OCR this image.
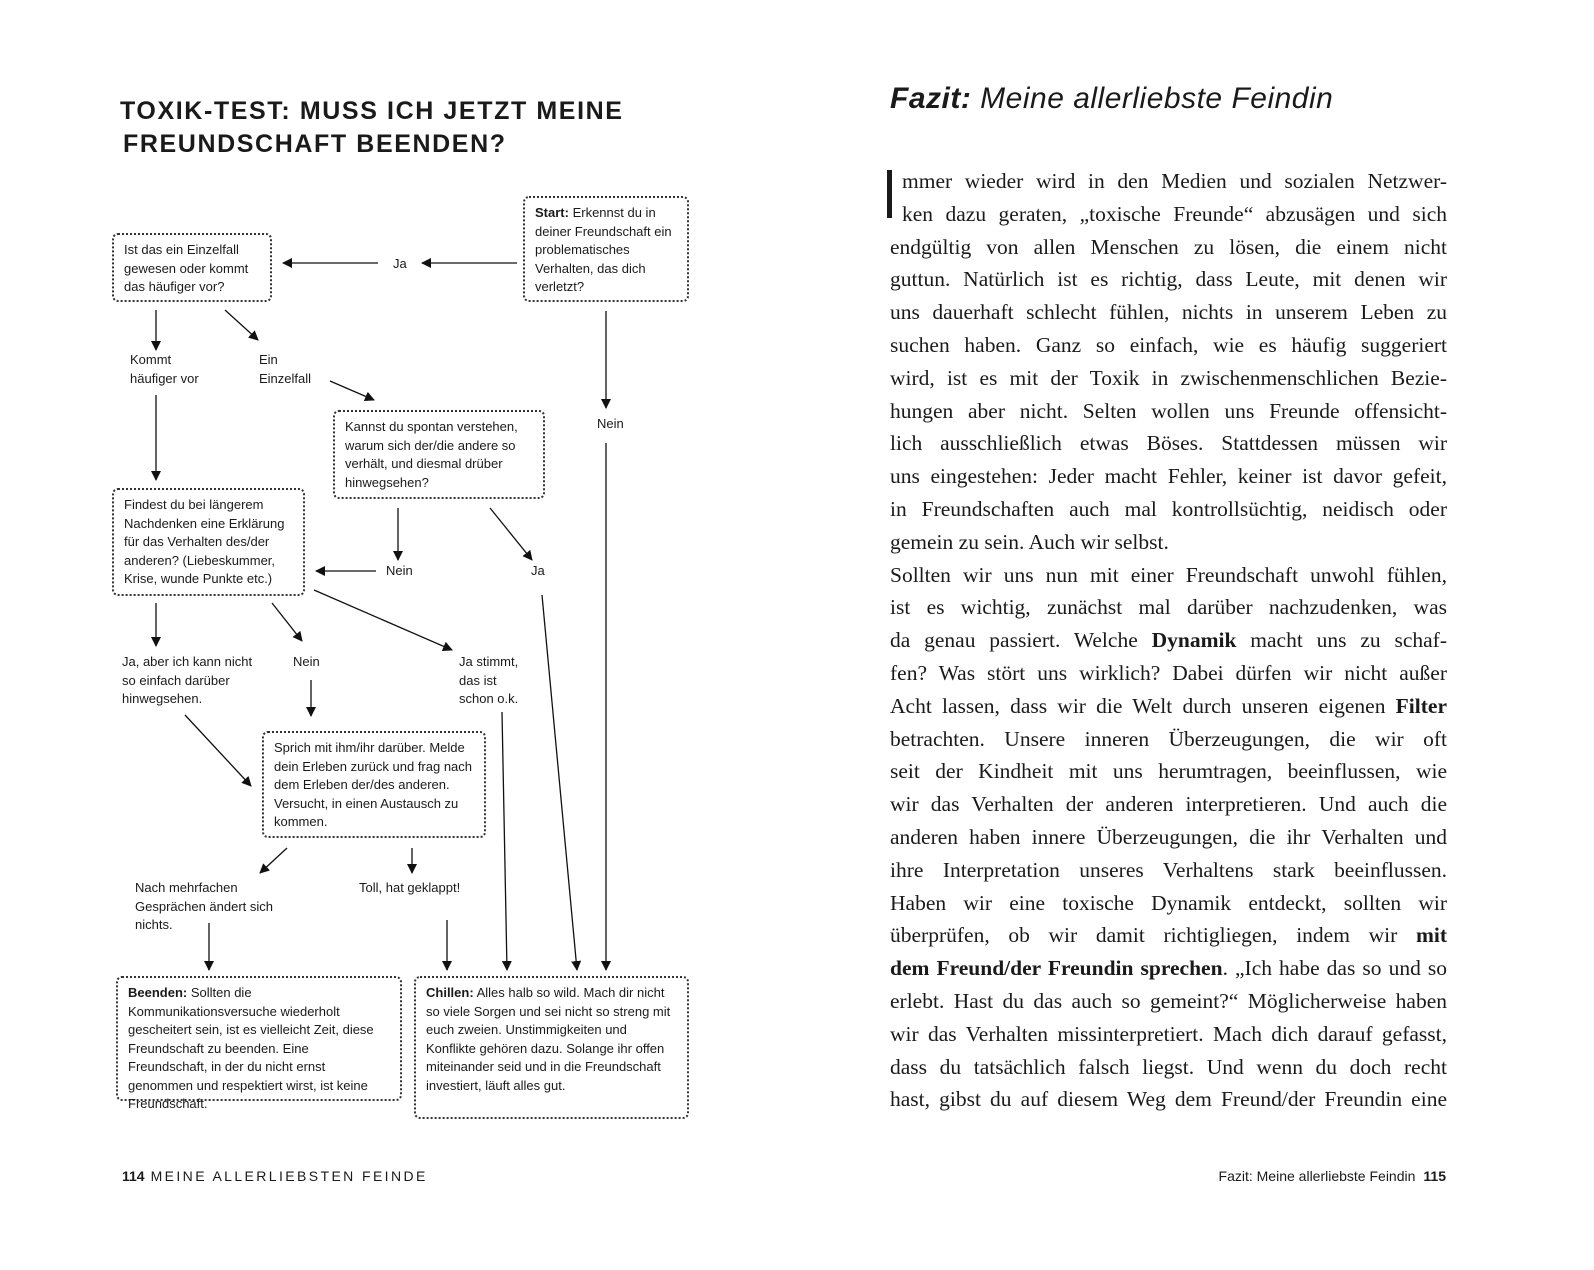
TOXIK-TEST: MUSS ICH JETZT MEINE
FREUNDSCHAFT BEENDEN?
Start: Erkennst du in deiner Freundschaft ein problematisches Verhalten, das dich verletzt?
Ist das ein Einzelfall gewesen oder kommt das häufiger vor?
Kannst du spontan verstehen, warum sich der/die andere so verhält, und diesmal drüber hinwegsehen?
Findest du bei längerem Nachdenken eine Erklärung für das Verhalten des/der anderen? (Liebeskummer, Krise, wunde Punkte etc.)
Sprich mit ihm/ihr darüber. Melde dein Erleben zurück und frag nach dem Erleben der/des anderen. Versucht, in einen Austausch zu kommen.
Beenden: Sollten die Kommunikationsversuche wiederholt gescheitert sein, ist es vielleicht Zeit, diese Freundschaft zu beenden. Eine Freundschaft, in der du nicht ernst genommen und respektiert wirst, ist keine Freundschaft.
Chillen: Alles halb so wild. Mach dir nicht so viele Sorgen und sei nicht so streng mit euch zweien. Unstimmigkeiten und Konflikte gehören dazu. Solange ihr offen miteinander seid und in die Freundschaft investiert, läuft alles gut.
Ja
Kommt häufiger vor
Ein Einzelfall
Nein
Nein	Ja
Ja, aber ich kann nicht so einfach darüber hinwegsehen.
Nein	Ja stimmt, das ist schon o.k.
Nach mehrfachen Gesprächen ändert sich nichts.
Toll, hat geklappt!
114 MEINE ALLERLIEBSTEN FEINDE
Fazit: Meine allerliebste Feindin
mmer wieder wird in den Medien und sozialen Netzwer-
ken dazu geraten, „toxische Freunde“ abzusägen und sich
endgültig von allen Menschen zu lösen, die einem nicht
guttun. Natürlich ist es richtig, dass Leute, mit denen wir
uns dauerhaft schlecht fühlen, nichts in unserem Leben zu
suchen haben. Ganz so einfach, wie es häufig suggeriert
wird, ist es mit der Toxik in zwischenmenschlichen Bezie-
hungen aber nicht. Selten wollen uns Freunde offensicht-
lich ausschließlich etwas Böses. Stattdessen müssen wir
uns eingestehen: Jeder macht Fehler, keiner ist davor gefeit,
in Freundschaften auch mal kontrollsüchtig, neidisch oder
gemein zu sein. Auch wir selbst.
Sollten wir uns nun mit einer Freundschaft unwohl fühlen,
ist es wichtig, zunächst mal darüber nachzudenken, was
da genau passiert. Welche Dynamik macht uns zu schaf-
fen? Was stört uns wirklich? Dabei dürfen wir nicht außer
Acht lassen, dass wir die Welt durch unseren eigenen Filter
betrachten. Unsere inneren Überzeugungen, die wir oft
seit der Kindheit mit uns herumtragen, beeinflussen, wie
wir das Verhalten der anderen interpretieren. Und auch die
anderen haben innere Überzeugungen, die ihr Verhalten und
ihre Interpretation unseres Verhaltens stark beeinflussen.
Haben wir eine toxische Dynamik entdeckt, sollten wir
überprüfen, ob wir damit richtigliegen, indem wir mit
dem Freund/der Freundin sprechen. „Ich habe das so und so
erlebt. Hast du das auch so gemeint?“ Möglicherweise haben
wir das Verhalten missinterpretiert. Mach dich darauf gefasst,
dass du tatsächlich falsch liegst. Und wenn du doch recht
hast, gibst du auf diesem Weg dem Freund/der Freundin eine
Fazit: Meine allerliebste Feindin 115
